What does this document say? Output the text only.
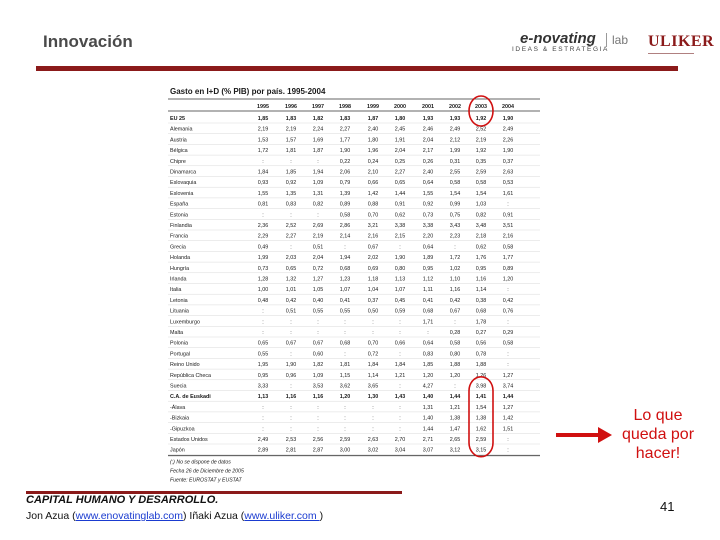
Innovación	e-novating	lab
IDEAS & ESTRATEGIA ULIKER
Gasto en I+D (% PIB) por país. 1995-2004
1995	1996	1997	1998	1999	2000	2001	2002	2003	2004
EU 25	1,85	1,83	1,82	1,83	1,87	1,80	1,93	1,93	1,92	1,90
Alemania	2,19	2,19	2,24	2,27	2,40	2,45	2,46	2,49	2,52	2,49
Austria	1,53	1,57	1,69	1,77	1,80	1,91	2,04	2,12	2,19	2,26
Bélgica	1,72	1,81	1,87	1,90	1,96	2,04	2,17	1,99	1,92	1,90
Chipre	:	:	:	0,22	0,24	0,25	0,26	0,31	0,35	0,37
Dinamarca	1,84	1,85	1,94	2,06	2,10	2,27	2,40	2,55	2,59	2,63
Eslovaquia	0,93	0,92	1,09	0,79	0,66	0,65	0,64	0,58	0,58	0,53
Eslovenia	1,55	1,35	1,31	1,39	1,42	1,44	1,55	1,54	1,54	1,61
España	0,81	0,83	0,82	0,89	0,88	0,91	0,92	0,99	1,03	:
Estonia	:	:	:	0,58	0,70	0,62	0,73	0,75	0,82	0,91
Finlandia	2,36	2,52	2,69	2,86	3,21	3,38	3,38	3,43	3,48	3,51
Francia	2,29	2,27	2,19	2,14	2,16	2,15	2,20	2,23	2,18	2,16
Grecia	0,49	:	0,51	:	0,67	:	0,64	:	0,62	0,58
Holanda	1,99	2,03	2,04	1,94	2,02	1,90	1,89	1,72	1,76	1,77
Hungría	0,73	0,65	0,72	0,68	0,69	0,80	0,95	1,02	0,95	0,89
Irlanda	1,28	1,32	1,27	1,23	1,18	1,13	1,12	1,10	1,16	1,20
Italia	1,00	1,01	1,05	1,07	1,04	1,07	1,11	1,16	1,14	:
Letonia	0,48	0,42	0,40	0,41	0,37	0,45	0,41	0,42	0,38	0,42
Lituania	:	0,51	0,55	0,55	0,50	0,59	0,68	0,67	0,68	0,76
Luxemburgo	:	:	:	:	:	:	1,71	:	1,78	:
Malta	:	:	:	:	:	:	:	0,28	0,27	0,29
Polonia	0,65	0,67	0,67	0,68	0,70	0,66	0,64	0,58	0,56	0,58
Portugal	0,55	:	0,60	:	0,72	:	0,83	0,80	0,78	:
Reino Unido	1,95	1,90	1,82	1,81	1,84	1,84	1,85	1,88	1,88	:
República Checa	0,95	0,96	1,09	1,15	1,14	1,21	1,20	1,20	1,26	1,27
Suecia	3,33	:	3,53	3,62	3,65	:	4,27	:	3,98	3,74
C.A. de Euskadi	1,13	1,16	1,16	1,20	1,30	1,43	1,40	1,44	1,41	1,44
-Álava	:	:	:	:	:	:	1,31	1,21	1,54	1,27
-Bizkaia	:	:	:	:	:	:	1,40	1,38	1,38	1,42
-Gipuzkoa	:	:	:	:	:	:	1,44	1,47	1,62	1,51
Estados Unidos	2,49	2,53	2,56	2,59	2,63	2,70	2,71	2,65	2,59	:
Japón	2,89	2,81	2,87	3,00	3,02	3,04	3,07	3,12	3,15	:
(:) No se dispone de datos
Fecha 26 de Diciembre de 2005
Fuente: EUROSTAT y EUSTAT
Lo que
queda por
hacer!
CAPITAL HUMANO Y DESARROLLO.
Jon Azua (www.enovatinglab.com) Iñaki Azua (www.uliker.com )
41
